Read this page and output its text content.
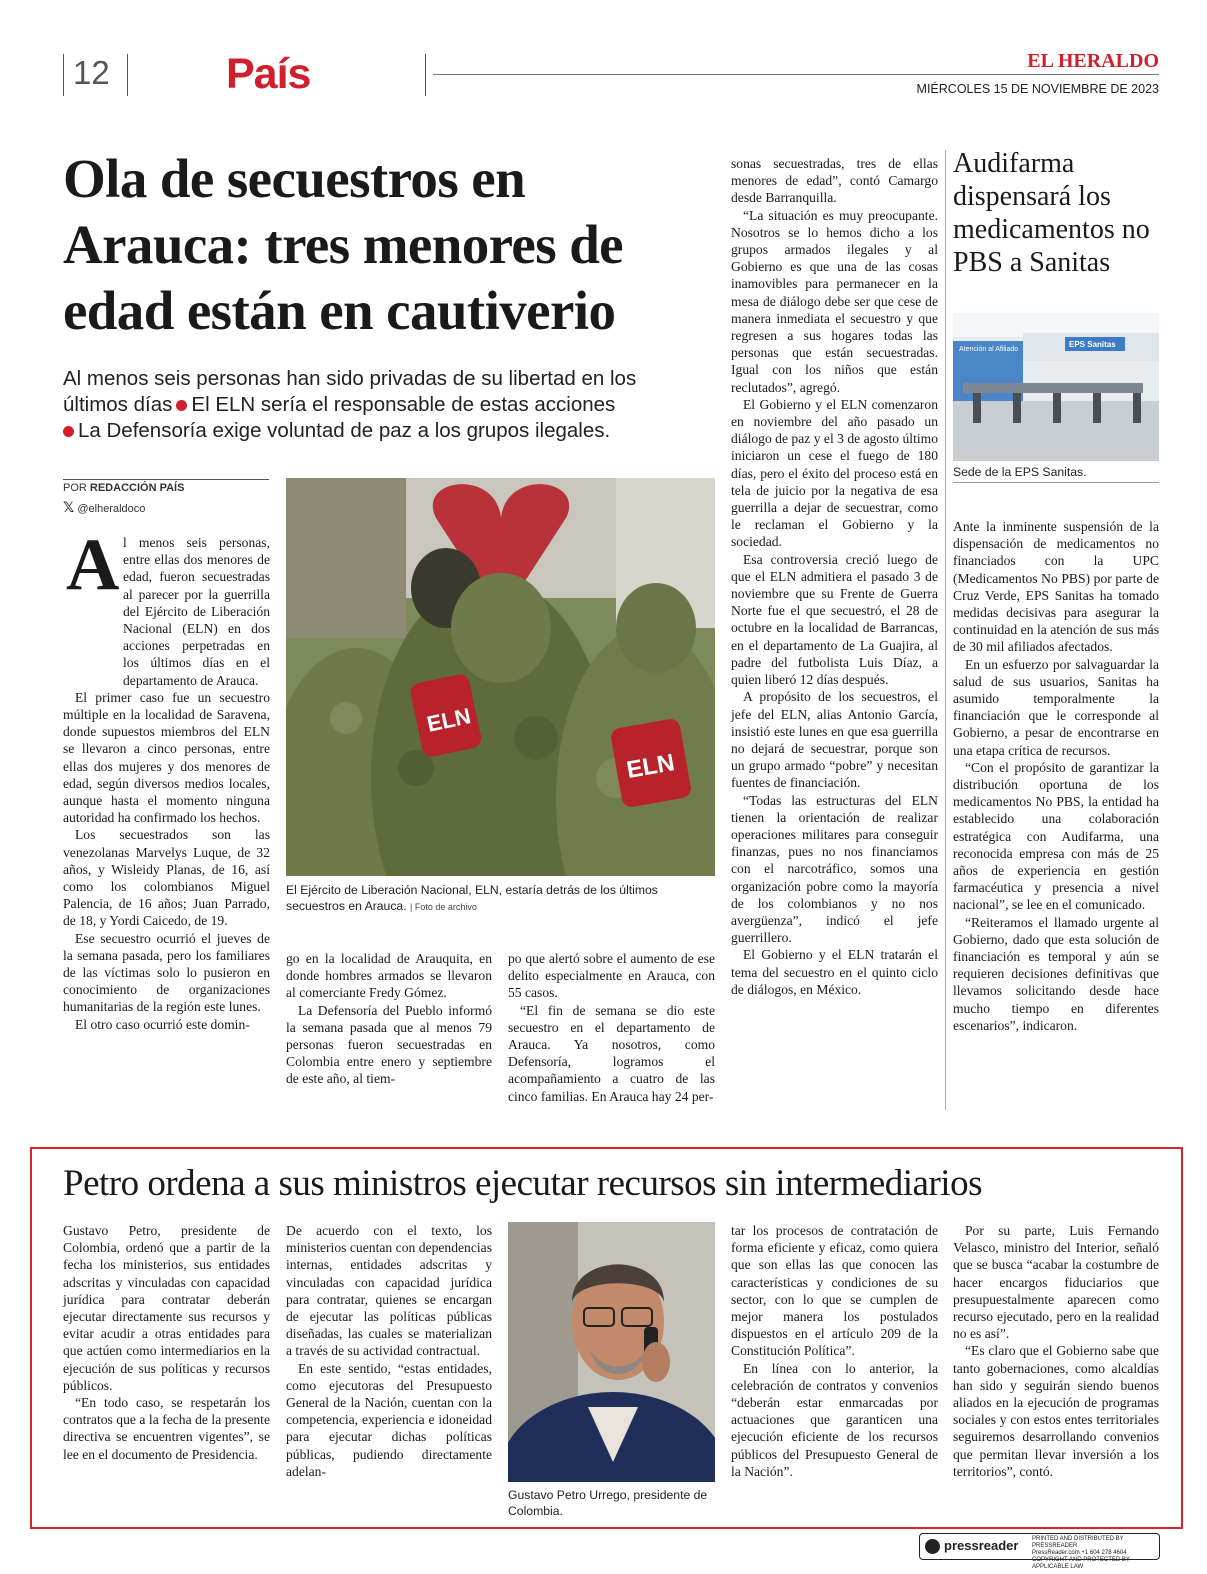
12	País	EL HERALDO
MIÉRCOLES 15 DE NOVIEMBRE DE 2023
Ola de secuestros en
Arauca: tres menores de
edad están en cautiverio
Al menos seis personas han sido privadas de su libertad en los
últimos días El ELN sería el responsable de estas acciones
La Defensoría exige voluntad de paz a los grupos ilegales.
POR REDACCIÓN PAÍS
𝕏 @elheraldoco
A l menos seis personas, entre ellas dos menores de edad, fueron secuestradas al parecer por la guerrilla del Ejército de Liberación Nacional (ELN) en dos acciones perpetradas en los últimos días en el departamento de Arauca.

El primer caso fue un secuestro múltiple en la localidad de Saravena, donde supuestos miembros del ELN se llevaron a cinco personas, entre ellas dos mujeres y dos menores de edad, según diversos medios locales, aunque hasta el momento ninguna autoridad ha confirmado los hechos.

Los secuestrados son las venezolanas Marvelys Luque, de 32 años, y Wisleidy Planas, de 16, así como los colombianos Miguel Palencia, de 16 años; Juan Parrado, de 18, y Yordi Caicedo, de 19.

Ese secuestro ocurrió el jueves de la semana pasada, pero los familiares de las víctimas solo lo pusieron en conocimiento de organizaciones humanitarias de la región este lunes.

El otro caso ocurrió este domin-

ELN
ELN
El Ejército de Liberación Nacional, ELN, estaría detrás de los últimos secuestros en Arauca. | Foto de archivo

go en la localidad de Arauquita, en donde hombres armados se llevaron al comerciante Fredy Gómez.

La Defensoría del Pueblo informó la semana pasada que al menos 79 personas fueron secuestradas en Colombia entre enero y septiembre de este año, al tiem-

po que alertó sobre el aumento de ese delito especialmente en Arauca, con 55 casos.

“El fin de semana se dio este secuestro en el departamento de Arauca. Ya nosotros, como Defensoría, logramos el acompañamiento a cuatro de las cinco familias. En Arauca hay 24 per-

sonas secuestradas, tres de ellas menores de edad”, contó Camargo desde Barranquilla.

“La situación es muy preocupante. Nosotros se lo hemos dicho a los grupos armados ilegales y al Gobierno es que una de las cosas inamovibles para permanecer en la mesa de diálogo debe ser que cese de manera inmediata el secuestro y que regresen a sus hogares todas las personas que están secuestradas. Igual con los niños que están reclutados”, agregó.

El Gobierno y el ELN comenzaron en noviembre del año pasado un diálogo de paz y el 3 de agosto último iniciaron un cese el fuego de 180 días, pero el éxito del proceso está en tela de juicio por la negativa de esa guerrilla a dejar de secuestrar, como le reclaman el Gobierno y la sociedad.

Esa controversia creció luego de que el ELN admitiera el pasado 3 de noviembre que su Frente de Guerra Norte fue el que secuestró, el 28 de octubre en la localidad de Barrancas, en el departamento de La Guajira, al padre del futbolista Luis Díaz, a quien liberó 12 días después.

A propósito de los secuestros, el jefe del ELN, alias Antonio García, insistió este lunes en que esa guerrilla no dejará de secuestrar, porque son un grupo armado “pobre” y necesitan fuentes de financiación.

“Todas las estructuras del ELN tienen la orientación de realizar operaciones militares para conseguir finanzas, pues no nos financiamos con el narcotráfico, somos una organización pobre como la mayoría de los colombianos y no nos avergüenza”, indicó el jefe guerrillero.

El Gobierno y el ELN tratarán el tema del secuestro en el quinto ciclo de diálogos, en México.

Audifarma dispensará los medicamentos no PBS a Sanitas
Atención al Afiliado
EPS Sanitas
Sede de la EPS Sanitas.

Ante la inminente suspensión de la dispensación de medicamentos no financiados con la UPC (Medicamentos No PBS) por parte de Cruz Verde, EPS Sanitas ha tomado medidas decisivas para asegurar la continuidad en la atención de sus más de 30 mil afiliados afectados.

En un esfuerzo por salvaguardar la salud de sus usuarios, Sanitas ha asumido temporalmente la financiación que le corresponde al Gobierno, a pesar de encontrarse en una etapa crítica de recursos.

“Con el propósito de garantizar la distribución oportuna de los medicamentos No PBS, la entidad ha establecido una colaboración estratégica con Audifarma, una reconocida empresa con más de 25 años de experiencia en gestión farmacéutica y presencia a nivel nacional”, se lee en el comunicado.

“Reiteramos el llamado urgente al Gobierno, dado que esta solución de financiación es temporal y aún se requieren decisiones definitivas que llevamos solicitando desde hace mucho tiempo en diferentes escenarios”, indicaron.

Petro ordena a sus ministros ejecutar recursos sin intermediarios

Gustavo Petro, presidente de Colombia, ordenó que a partir de la fecha los ministerios, sus entidades adscritas y vinculadas con capacidad jurídica para contratar deberán ejecutar directamente sus recursos y evitar acudir a otras entidades para que actúen como intermediarios en la ejecución de sus políticas y recursos públicos.

“En todo caso, se respetarán los contratos que a la fecha de la presente directiva se encuentren vigentes”, se lee en el documento de Presidencia.

De acuerdo con el texto, los ministerios cuentan con dependencias internas, entidades adscritas y vinculadas con capacidad jurídica para contratar, quienes se encargan de ejecutar las políticas públicas diseñadas, las cuales se materializan a través de su actividad contractual.

En este sentido, “estas entidades, como ejecutoras del Presupuesto General de la Nación, cuentan con la competencia, experiencia e idoneidad para ejecutar dichas políticas públicas, pudiendo directamente adelan-

Gustavo Petro Urrego, presidente de Colombia.

tar los procesos de contratación de forma eficiente y eficaz, como quiera que son ellas las que conocen las características y condiciones de su sector, con lo que se cumplen de mejor manera los postulados dispuestos en el artículo 209 de la Constitución Política”.

En línea con lo anterior, la celebración de contratos y convenios “deberán estar enmarcadas por actuaciones que garanticen una ejecución eficiente de los recursos públicos del Presupuesto General de la Nación”.

Por su parte, Luis Fernando Velasco, ministro del Interior, señaló que se busca “acabar la costumbre de hacer encargos fiduciarios que presupuestalmente aparecen como recurso ejecutado, pero en la realidad no es así”.

“Es claro que el Gobierno sabe que tanto gobernaciones, como alcaldías han sido y seguirán siendo buenos aliados en la ejecución de programas sociales y con estos entes territoriales seguiremos desarrollando convenios que permitan llevar inversión a los territorios”, contó.

pressreader PRINTED AND DISTRIBUTED BY PRESSREADER
PressReader.com +1 604 278 4604
COPYRIGHT AND PROTECTED BY APPLICABLE LAW
